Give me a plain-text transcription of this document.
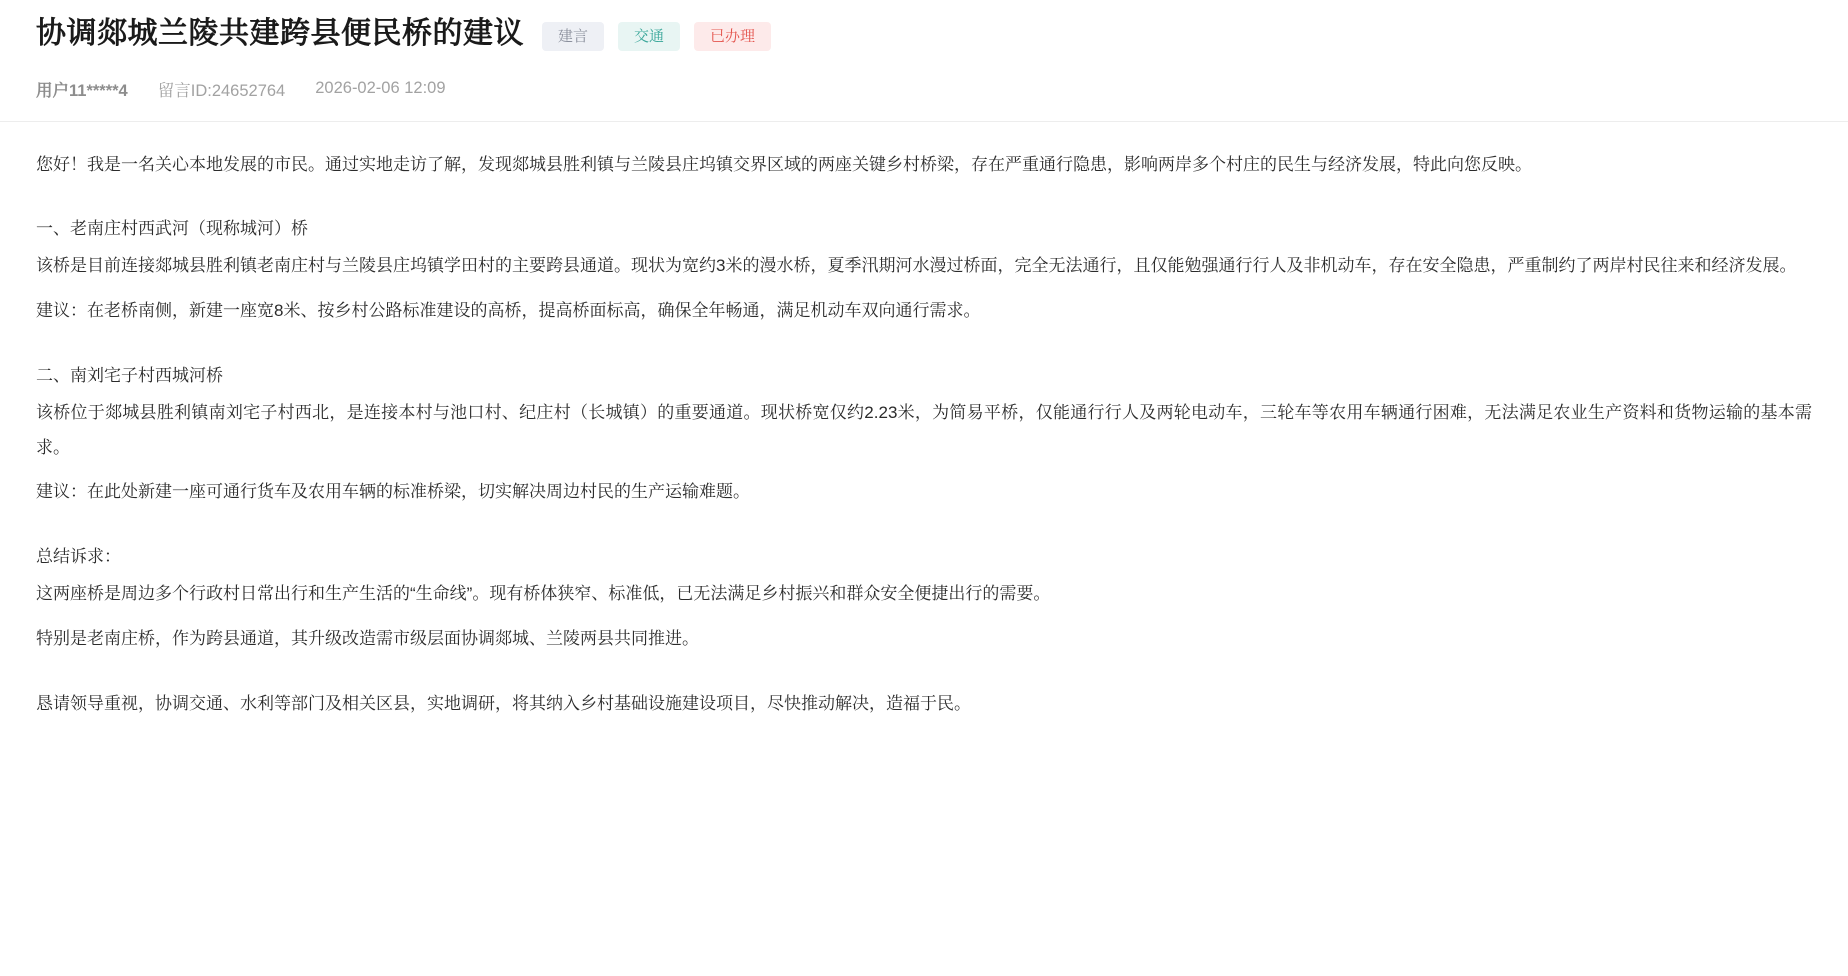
协调郯城兰陵共建跨县便民桥的建议	建言	交通	已办理
用户11*****4 留言ID:24652764 2026-02-06 12:09

您好！我是一名关心本地发展的市民。通过实地走访了解，发现郯城县胜利镇与兰陵县庄坞镇交界区域的两座关键乡村桥梁，存在严重通行隐患，影响两岸多个村庄的民生与经济发展，特此向您反映。

一、老南庄村西武河（现称城河）桥

该桥是目前连接郯城县胜利镇老南庄村与兰陵县庄坞镇学田村的主要跨县通道。现状为宽约3米的漫水桥，夏季汛期河水漫过桥面，完全无法通行，且仅能勉强通行行人及非机动车，存在安全隐患，严重制约了两岸村民往来和经济发展。

建议：在老桥南侧，新建一座宽8米、按乡村公路标准建设的高桥，提高桥面标高，确保全年畅通，满足机动车双向通行需求。

二、南刘宅子村西城河桥

该桥位于郯城县胜利镇南刘宅子村西北，是连接本村与池口村、纪庄村（长城镇）的重要通道。现状桥宽仅约2.23米，为简易平桥，仅能通行行人及两轮电动车，三轮车等农用车辆通行困难，无法满足农业生产资料和货物运输的基本需求。

建议：在此处新建一座可通行货车及农用车辆的标准桥梁，切实解决周边村民的生产运输难题。

总结诉求：

这两座桥是周边多个行政村日常出行和生产生活的“生命线”。现有桥体狭窄、标准低，已无法满足乡村振兴和群众安全便捷出行的需要。

特别是老南庄桥，作为跨县通道，其升级改造需市级层面协调郯城、兰陵两县共同推进。

恳请领导重视，协调交通、水利等部门及相关区县，实地调研，将其纳入乡村基础设施建设项目，尽快推动解决，造福于民。
